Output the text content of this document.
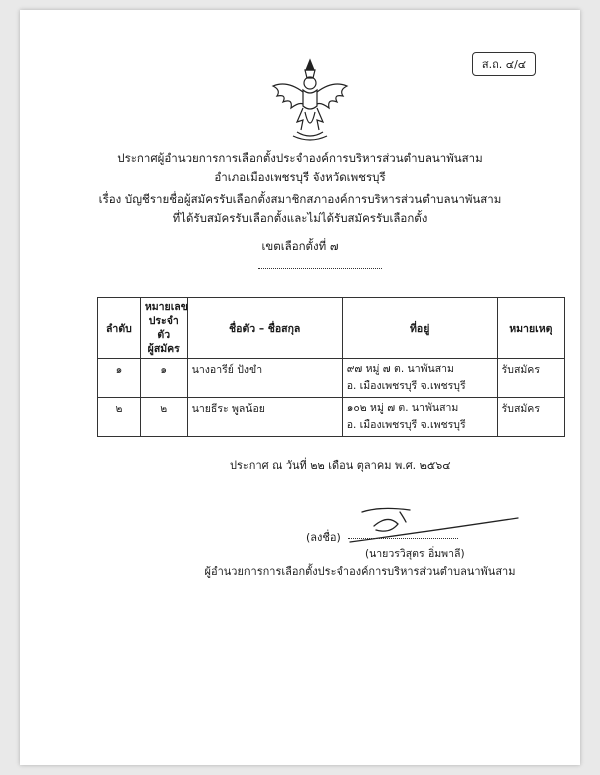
ส.ถ. ๔/๔
ประกาศผู้อำนวยการการเลือกตั้งประจำองค์การบริหารส่วนตำบลนาพันสาม
อำเภอเมืองเพชรบุรี จังหวัดเพชรบุรี
เรื่อง บัญชีรายชื่อผู้สมัครรับเลือกตั้งสมาชิกสภาองค์การบริหารส่วนตำบลนาพันสาม
ที่ได้รับสมัครรับเลือกตั้งและไม่ได้รับสมัครรับเลือกตั้ง
เขตเลือกตั้งที่ ๗
ลำดับ	หมายเลข
ประจำตัว
ผู้สมัคร	ชื่อตัว – ชื่อสกุล	ที่อยู่	หมายเหตุ
๑	๑	นางอารีย์ ปังขำ	๙๗ หมู่ ๗ ต. นาพันสาม
อ. เมืองเพชรบุรี จ.เพชรบุรี	รับสมัคร
๒	๒	นายธีระ พูลน้อย	๑๐๒ หมู่ ๗ ต. นาพันสาม
อ. เมืองเพชรบุรี จ.เพชรบุรี	รับสมัคร
ประกาศ ณ วันที่ ๒๒ เดือน ตุลาคม พ.ศ. ๒๕๖๔
(ลงชื่อ)
(นายวรวิสุตร อิ่มพาลี)
ผู้อำนวยการการเลือกตั้งประจำองค์การบริหารส่วนตำบลนาพันสาม
